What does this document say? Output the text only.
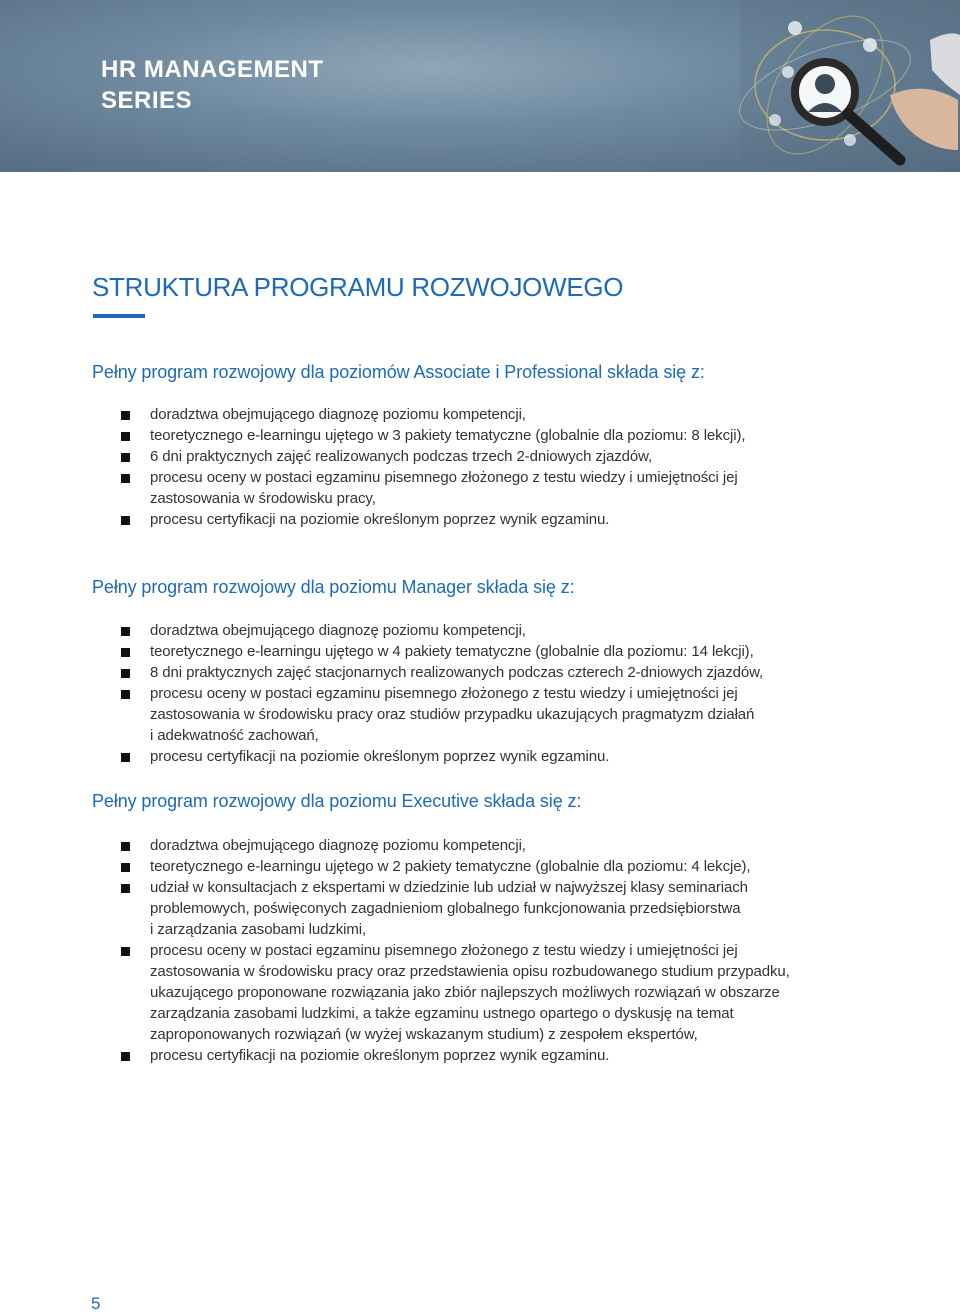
HR MANAGEMENT
SERIES
STRUKTURA PROGRAMU ROZWOJOWEGO
Pełny program rozwojowy dla poziomów Associate i Professional składa się z:
doradztwa obejmującego diagnozę poziomu kompetencji,
teoretycznego e-learningu ujętego w 3 pakiety tematyczne (globalnie dla poziomu: 8 lekcji),
6 dni praktycznych zajęć realizowanych podczas trzech 2-dniowych zjazdów,
procesu oceny w postaci egzaminu pisemnego złożonego z testu wiedzy i umiejętności jej
zastosowania w środowisku pracy,
procesu certyfikacji na poziomie określonym poprzez wynik egzaminu.
Pełny program rozwojowy dla poziomu Manager składa się z:
doradztwa obejmującego diagnozę poziomu kompetencji,
teoretycznego e-learningu ujętego w 4 pakiety tematyczne (globalnie dla poziomu: 14 lekcji),
8 dni praktycznych zajęć stacjonarnych realizowanych podczas czterech 2-dniowych zjazdów,
procesu oceny w postaci egzaminu pisemnego złożonego z testu wiedzy i umiejętności jej
zastosowania w środowisku pracy oraz studiów przypadku ukazujących pragmatyzm działań
i adekwatność zachowań,
procesu certyfikacji na poziomie określonym poprzez wynik egzaminu.
Pełny program rozwojowy dla poziomu Executive składa się z:
doradztwa obejmującego diagnozę poziomu kompetencji,
teoretycznego e-learningu ujętego w 2 pakiety tematyczne (globalnie dla poziomu: 4 lekcje),
udział w konsultacjach z ekspertami w dziedzinie lub udział w najwyższej klasy seminariach
problemowych, poświęconych zagadnieniom globalnego funkcjonowania przedsiębiorstwa
i zarządzania zasobami ludzkimi,
procesu oceny w postaci egzaminu pisemnego złożonego z testu wiedzy i umiejętności jej
zastosowania w środowisku pracy oraz przedstawienia opisu rozbudowanego studium przypadku,
ukazującego proponowane rozwiązania jako zbiór najlepszych możliwych rozwiązań w obszarze
zarządzania zasobami ludzkimi, a także egzaminu ustnego opartego o dyskusję na temat
zaproponowanych rozwiązań (w wyżej wskazanym studium) z zespołem ekspertów,
procesu certyfikacji na poziomie określonym poprzez wynik egzaminu.
5
